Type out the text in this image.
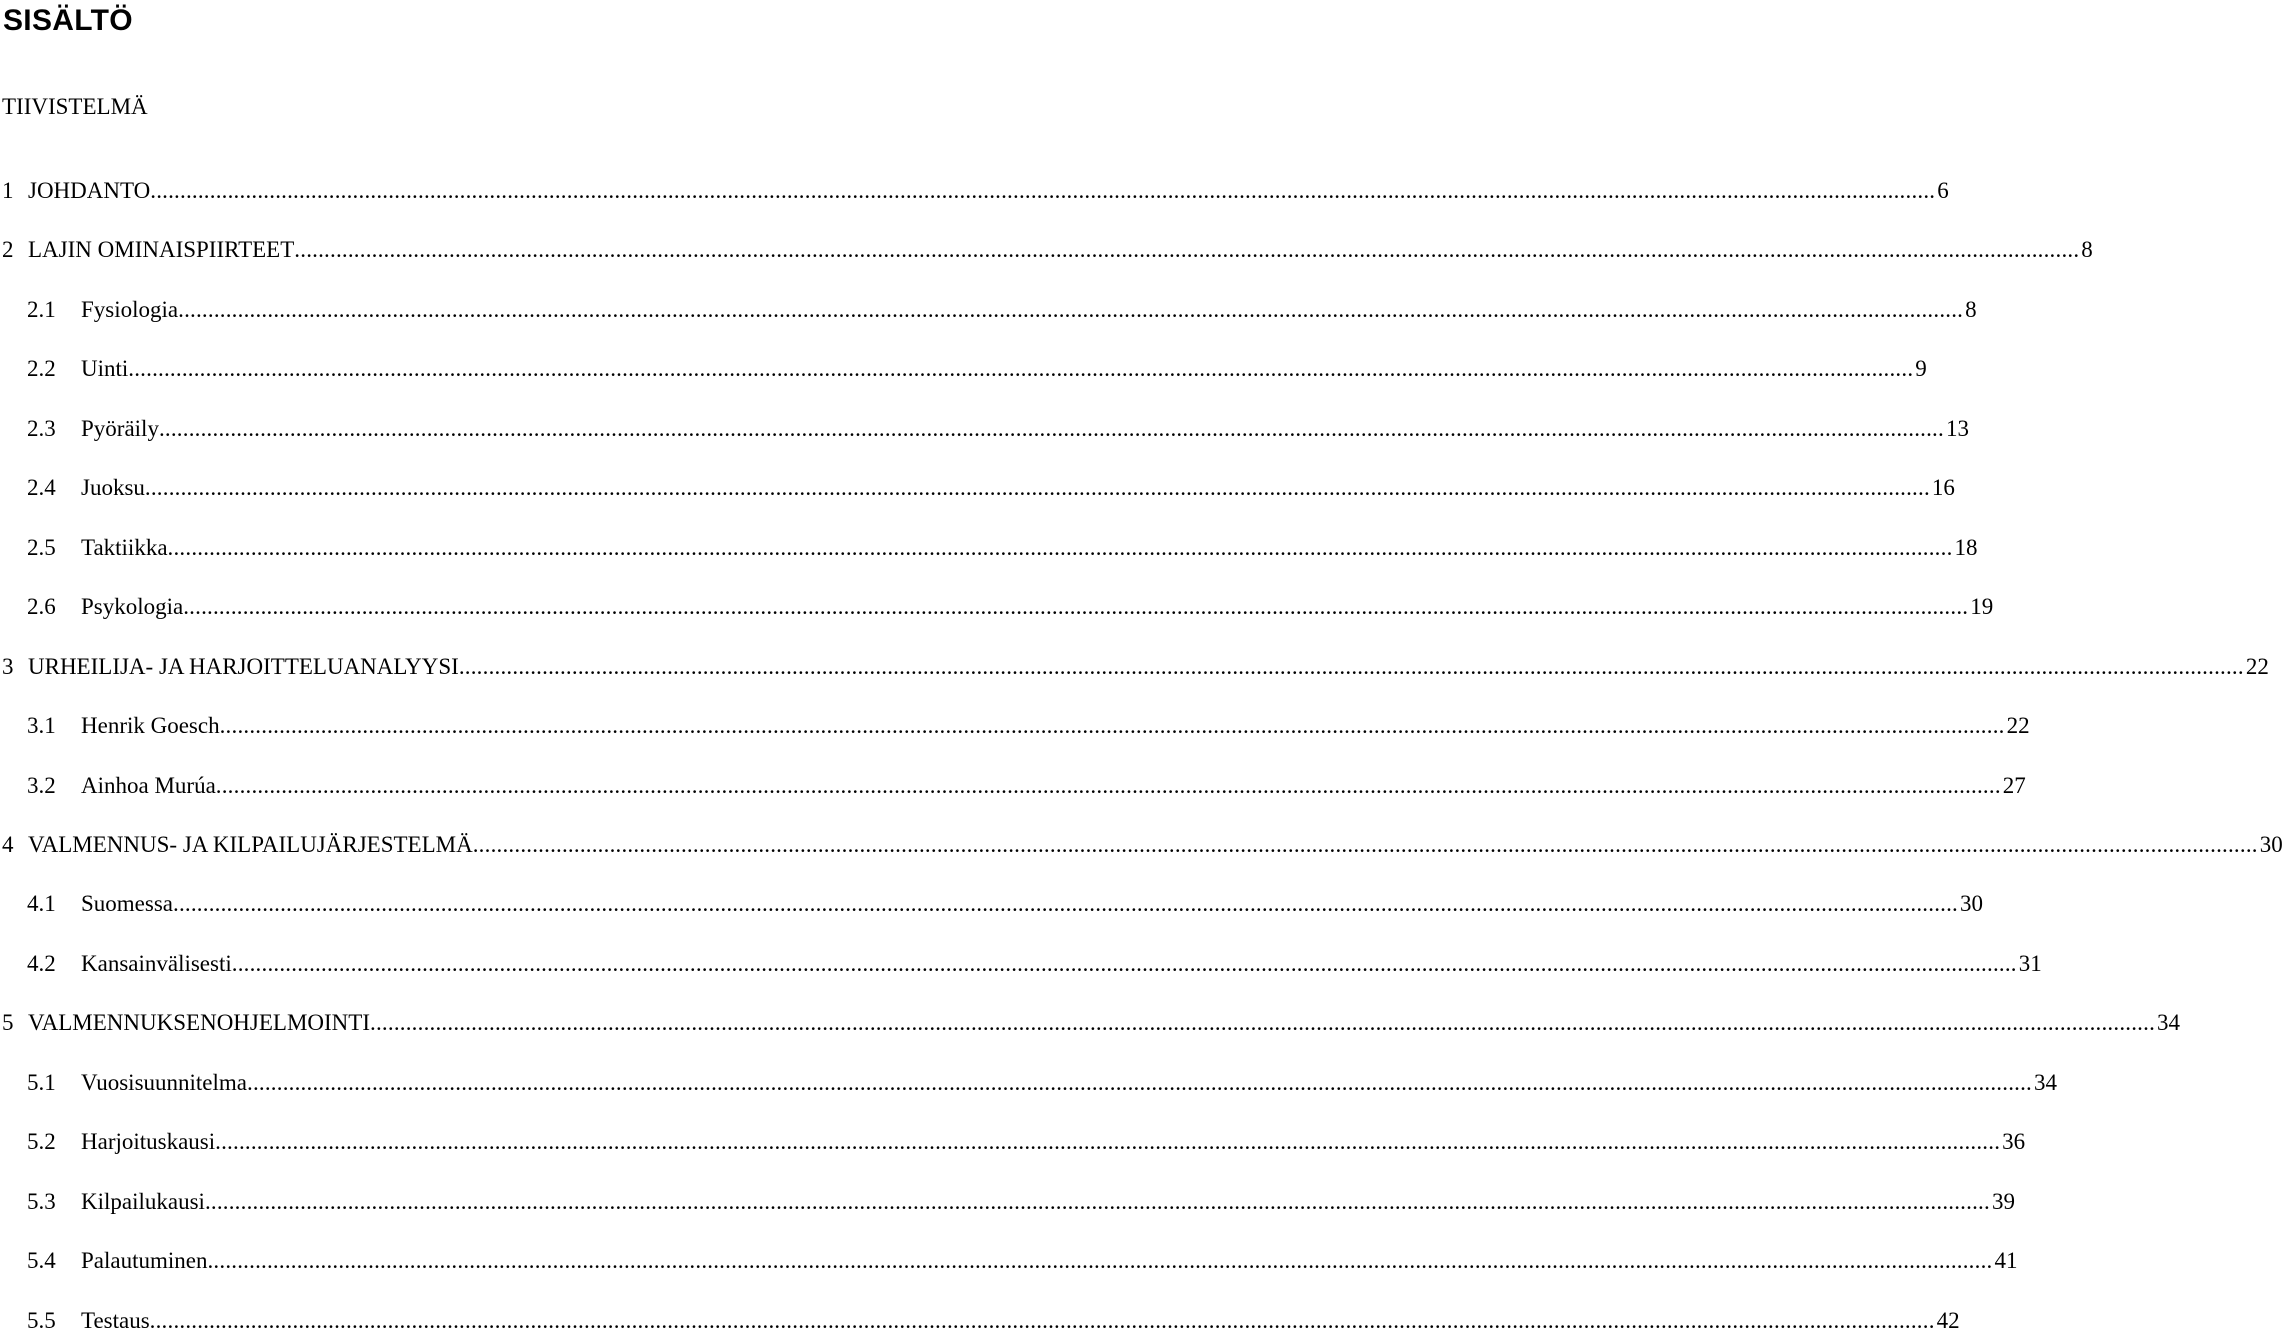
SISÄLTÖ
TIIVISTELMÄ
1 JOHDANTO ............................................................................................................................................................................................................................................................................................................ 6
2 LAJIN OMINAISPIIRTEET ............................................................................................................................................................................................................................................................................................................ 8
2.1	Fysiologia ............................................................................................................................................................................................................................................................................................................ 8
2.2	Uinti ............................................................................................................................................................................................................................................................................................................ 9
2.3	Pyöräily ............................................................................................................................................................................................................................................................................................................ 13
2.4	Juoksu ............................................................................................................................................................................................................................................................................................................ 16
2.5	Taktiikka ............................................................................................................................................................................................................................................................................................................ 18
2.6	Psykologia ............................................................................................................................................................................................................................................................................................................ 19
3 URHEILIJA- JA HARJOITTELUANALYYSI ............................................................................................................................................................................................................................................................................................................ 22
3.1	Henrik Goesch ............................................................................................................................................................................................................................................................................................................ 22
3.2	Ainhoa Murúa ............................................................................................................................................................................................................................................................................................................ 27
4 VALMENNUS- JA KILPAILUJÄRJESTELMÄ ............................................................................................................................................................................................................................................................................................................ 30
4.1	Suomessa ............................................................................................................................................................................................................................................................................................................ 30
4.2	Kansainvälisesti ............................................................................................................................................................................................................................................................................................................ 31
5 VALMENNUKSENOHJELMOINTI ............................................................................................................................................................................................................................................................................................................ 34
5.1	Vuosisuunnitelma ............................................................................................................................................................................................................................................................................................................ 34
5.2	Harjoituskausi ............................................................................................................................................................................................................................................................................................................ 36
5.3	Kilpailukausi ............................................................................................................................................................................................................................................................................................................ 39
5.4	Palautuminen ............................................................................................................................................................................................................................................................................................................ 41
5.5	Testaus ............................................................................................................................................................................................................................................................................................................ 42
